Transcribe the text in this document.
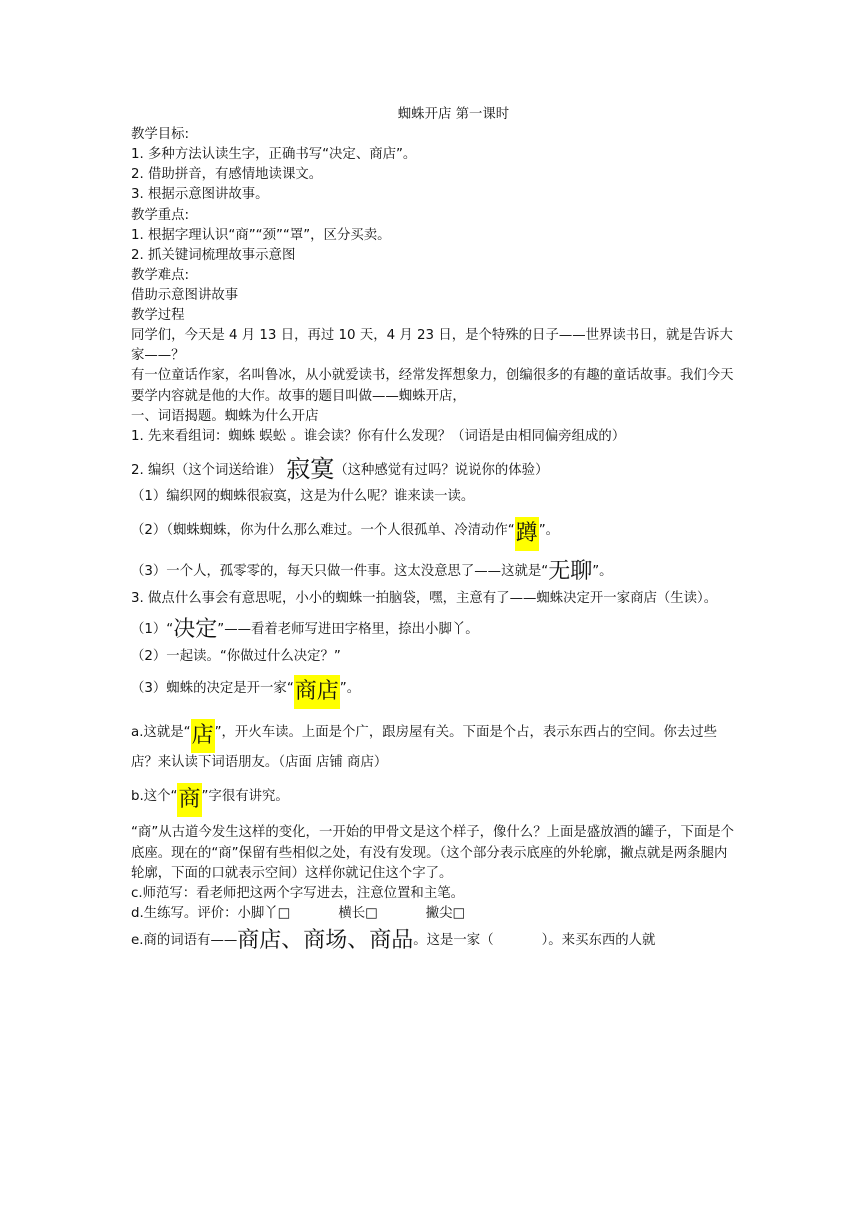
蜘蛛开店 第一课时
教学目标:
1. 多种方法认读生字，正确书写“决定、商店”。
2. 借助拼音，有感情地读课文。
3. 根据示意图讲故事。
教学重点:
1. 根据字理认识“商”“颈”“罩”，区分买卖。
2. 抓关键词梳理故事示意图
教学难点:
借助示意图讲故事
教学过程
同学们，今天是 4 月 13 日，再过 10 天，4 月 23 日，是个特殊的日子——世界读书日，就是告诉大家——？
有一位童话作家，名叫鲁冰，从小就爱读书，经常发挥想象力，创编很多的有趣的童话故事。我们今天要学内容就是他的大作。故事的题目叫做——蜘蛛开店，
一、词语揭题。蜘蛛为什么开店
1. 先来看组词：蜘蛛 蜈蚣 。谁会读？你有什么发现？（词语是由相同偏旁组成的）
2. 编织（这个词送给谁） 寂寞（这种感觉有过吗？说说你的体验）
（1）编织网的蜘蛛很寂寞，这是为什么呢？谁来读一读。
（2）（蜘蛛蜘蛛，你为什么那么难过。一个人很孤单、冷清动作“蹲”。
（3）一个人，孤零零的，每天只做一件事。这太没意思了——这就是“无聊”。
3. 做点什么事会有意思呢，小小的蜘蛛一拍脑袋，嘿，主意有了——蜘蛛决定开一家商店（生读）。
（1）“决定”——看着老师写进田字格里，捺出小脚丫。
（2）一起读。“你做过什么决定？”
（3）蜘蛛的决定是开一家“商店”。
a.这就是“店”，开火车读。上面是个广，跟房屋有关。下面是个占，表示东西占的空间。你去过些店？来认读下词语朋友。（店面 店铺 商店）
b.这个“商”字很有讲究。
“商”从古道今发生这样的变化，一开始的甲骨文是这个样子，像什么？上面是盛放酒的罐子，下面是个底座。现在的“商”保留有些相似之处，有没有发现。（这个部分表示底座的外轮廓，撇点就是两条腿内轮廓，下面的口就表示空间）这样你就记住这个字了。
c.师范写：看老师把这两个字写进去，注意位置和主笔。
d.生练写。评价：小脚丫□	横长□	撇尖□
e.商的词语有——商店、商场、商品。这是一家（	）。来买东西的人就
